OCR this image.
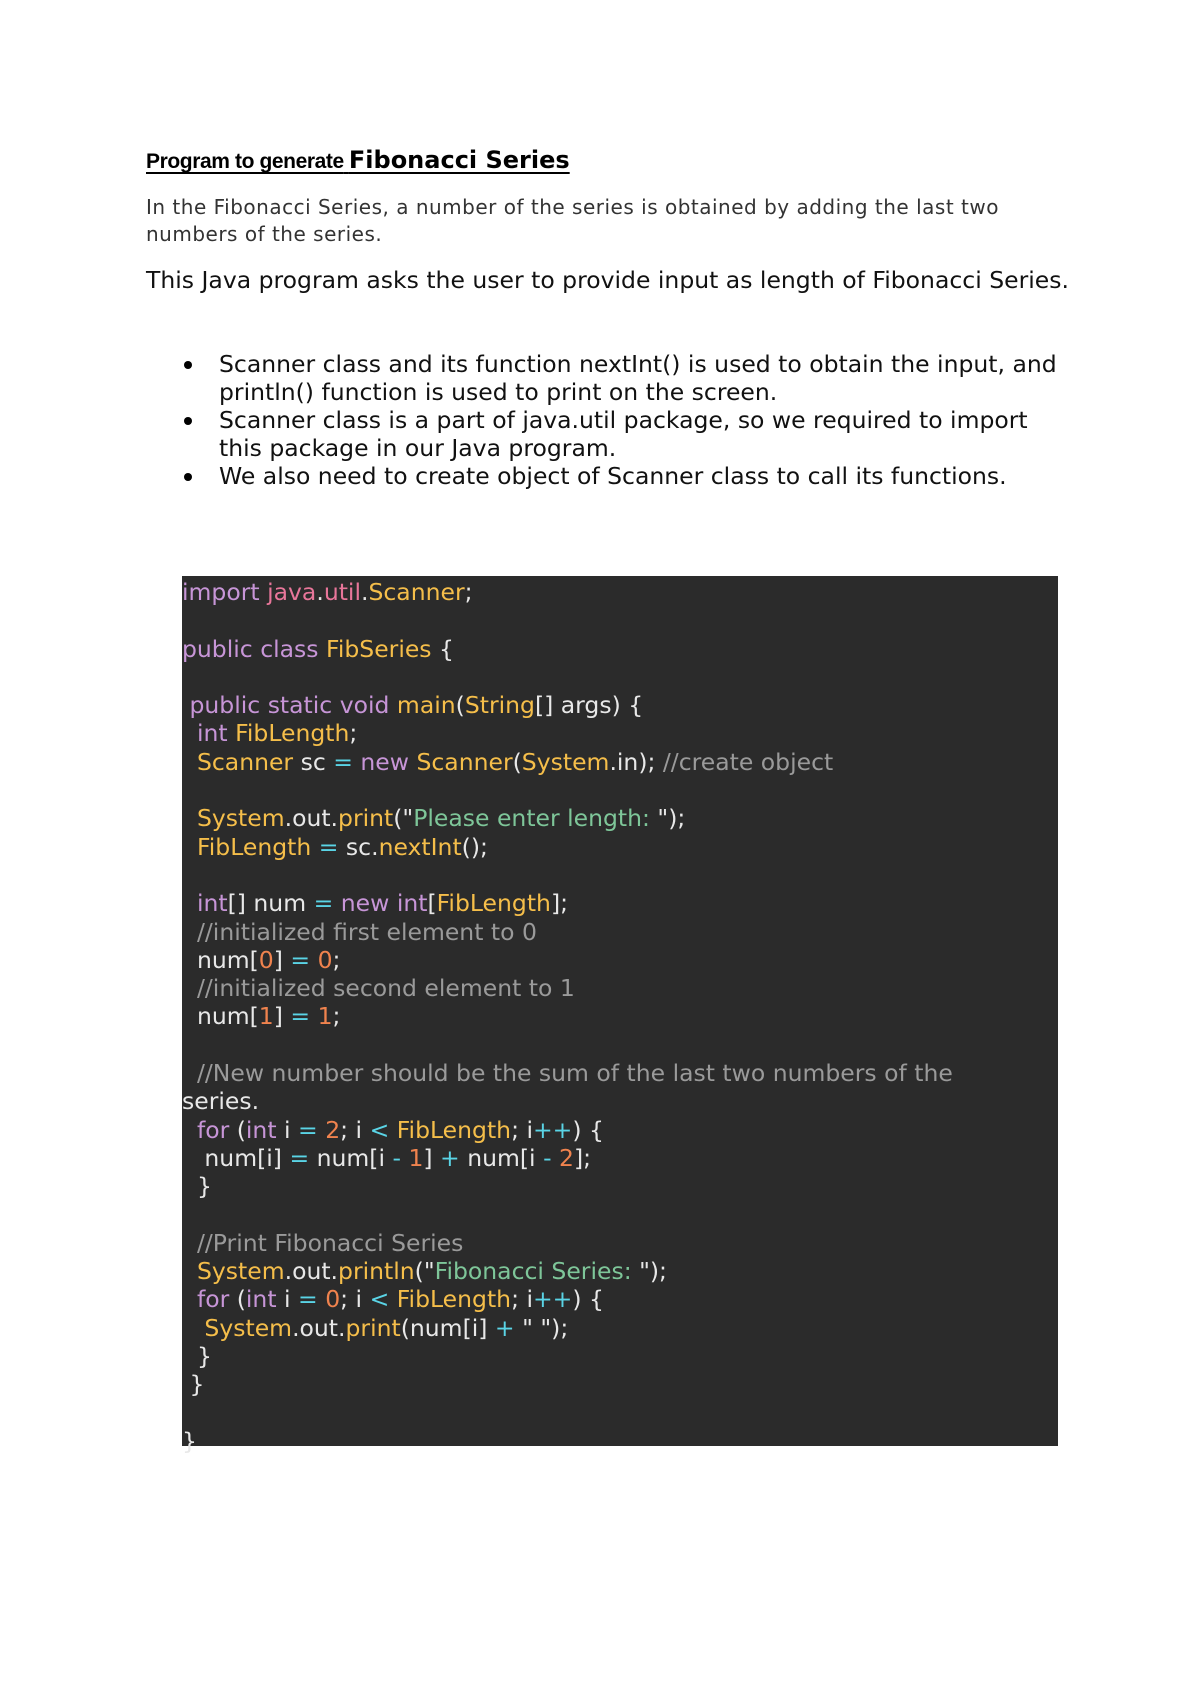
Program to generate Fibonacci Series

In the Fibonacci Series, a number of the series is obtained by adding the last two numbers of the series.

This Java program asks the user to provide input as length of Fibonacci Series.

Scanner class and its function nextInt() is used to obtain the input, and println() function is used to print on the screen.
Scanner class is a part of java.util package, so we required to import this package in our Java program.
We also need to create object of Scanner class to call its functions.
import java.util.Scanner;

public class FibSeries {

public static void main(String[] args) {
int FibLength;
Scanner sc = new Scanner(System.in); //create object

System.out.print("Please enter length: ");
FibLength = sc.nextInt();

int[] num = new int[FibLength];
//initialized first element to 0
num[0] = 0;
//initialized second element to 1
num[1] = 1;

//New number should be the sum of the last two numbers of the
series.
for (int i = 2; i < FibLength; i++) {
num[i] = num[i - 1] + num[i - 2];
}

//Print Fibonacci Series
System.out.println("Fibonacci Series: ");
for (int i = 0; i < FibLength; i++) {
System.out.print(num[i] + " ");
}
}

}
